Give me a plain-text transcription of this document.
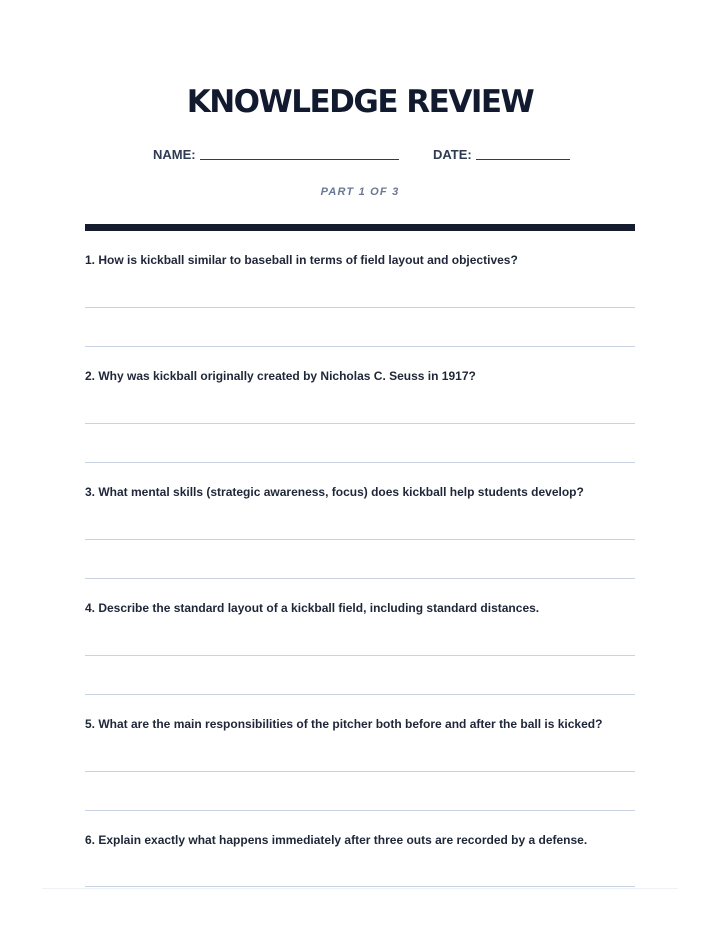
KNOWLEDGE REVIEW
NAME:	DATE:
PART 1 OF 3
1. How is kickball similar to baseball in terms of field layout and objectives?
2. Why was kickball originally created by Nicholas C. Seuss in 1917?
3. What mental skills (strategic awareness, focus) does kickball help students develop?
4. Describe the standard layout of a kickball field, including standard distances.
5. What are the main responsibilities of the pitcher both before and after the ball is kicked?
6. Explain exactly what happens immediately after three outs are recorded by a defense.
